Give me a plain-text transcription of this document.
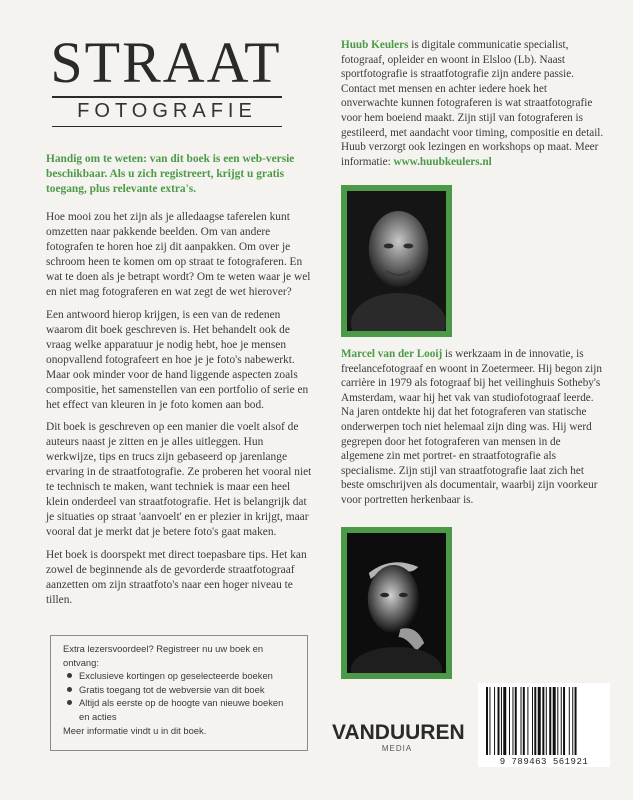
STRAAT
FOTOGRAFIE
Handig om te weten: van dit boek is een web-versie beschikbaar. Als u zich registreert, krijgt u gratis toegang, plus relevante extra's.

Hoe mooi zou het zijn als je alledaagse taferelen kunt omzetten naar pakkende beelden. Om van andere fotografen te horen hoe zij dit aanpakken. Om over je schroom heen te komen om op straat te fotograferen. En wat te doen als je betrapt wordt? Om te weten waar je wel en niet mag fotograferen en wat zegt de wet hierover?

Een antwoord hierop krijgen, is een van de redenen waarom dit boek geschreven is. Het behandelt ook de vraag welke apparatuur je nodig hebt, hoe je mensen onopvallend fotografeert en hoe je je foto's nabewerkt. Maar ook minder voor de hand liggende aspecten zoals compositie, het samenstellen van een portfolio of serie en het effect van kleuren in je foto komen aan bod.

Dit boek is geschreven op een manier die voelt alsof de auteurs naast je zitten en je alles uitleggen. Hun werkwijze, tips en trucs zijn gebaseerd op jarenlange ervaring in de straatfotografie. Ze proberen het vooral niet te technisch te maken, want techniek is maar een heel klein onderdeel van straatfotografie. Het is belangrijk dat je situaties op straat 'aanvoelt' en er plezier in krijgt, maar vooral dat je merkt dat je betere foto's gaat maken.

Het boek is doorspekt met direct toepasbare tips. Het kan zowel de beginnende als de gevorderde straatfotograaf aanzetten om zijn straatfoto's naar een hoger niveau te tillen.

Extra lezersvoordeel? Registreer nu uw boek en ontvang:

Exclusieve kortingen op geselecteerde boeken
Gratis toegang tot de webversie van dit boek
Altijd als eerste op de hoogte van nieuwe boeken en acties

Meer informatie vindt u in dit boek.

Huub Keulers is digitale communicatie specialist, fotograaf, opleider en woont in Elsloo (Lb). Naast sportfotografie is straatfotografie zijn andere passie. Contact met mensen en achter iedere hoek het onverwachte kunnen fotograferen is wat straatfotografie voor hem boeiend maakt. Zijn stijl van fotograferen is gestileerd, met aandacht voor timing, compositie en detail. Huub verzorgt ook lezingen en workshops op maat. Meer informatie: www.huubkeulers.nl

Marcel van der Looij is werkzaam in de innovatie, is freelancefotograaf en woont in Zoetermeer. Hij begon zijn carrière in 1979 als fotograaf bij het veilinghuis Sotheby's Amsterdam, waar hij het vak van studiofotograaf leerde. Na jaren ontdekte hij dat het fotograferen van statische onderwerpen toch niet helemaal zijn ding was. Hij werd gegrepen door het fotograferen van mensen in de algemene zin met portret- en straatfotografie als specialisme. Zijn stijl van straatfotografie laat zich het beste omschrijven als documentair, waarbij zijn voorkeur voor portretten herkenbaar is.

VANDUUREN
MEDIA
9 789463 561921
